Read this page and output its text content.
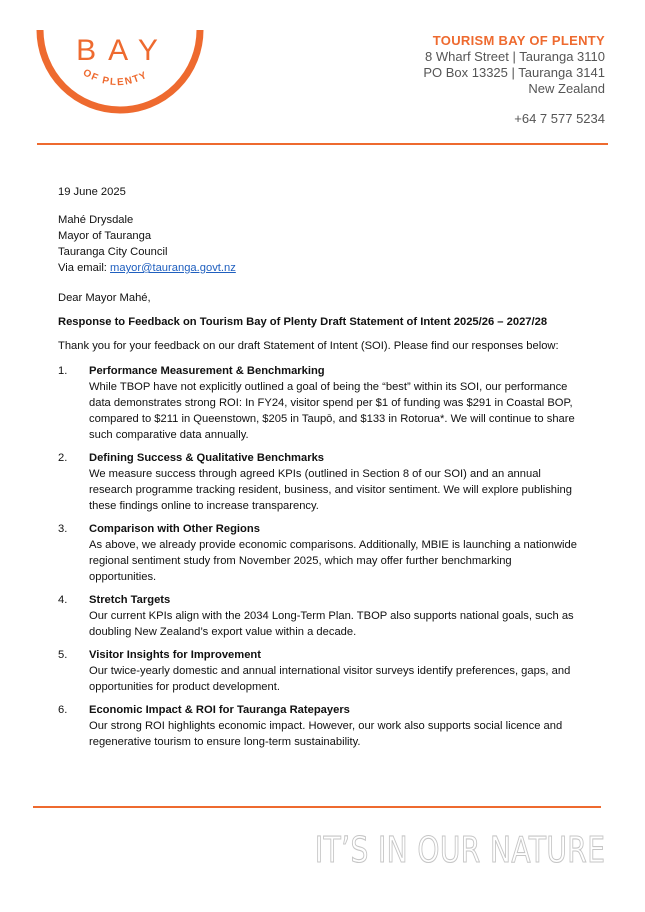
BAY
OF PLENTY
TOURISM BAY OF PLENTY
8 Wharf Street | Tauranga 3110
PO Box 13325 | Tauranga 3141
New Zealand
+64 7 577 5234

19 June 2025

Mahé Drysdale

Mayor of Tauranga

Tauranga City Council

Via email: mayor@tauranga.govt.nz

Dear Mayor Mahé,

Response to Feedback on Tourism Bay of Plenty Draft Statement of Intent 2025/26 – 2027/28

Thank you for your feedback on our draft Statement of Intent (SOI). Please find our responses below:

1. Performance Measurement & Benchmarking

While TBOP have not explicitly outlined a goal of being the “best” within its SOI, our performance data demonstrates strong ROI: In FY24, visitor spend per $1 of funding was $291 in Coastal BOP, compared to $211 in Queenstown, $205 in Taupō, and $133 in Rotorua*. We will continue to share such comparative data annually.

2. Defining Success & Qualitative Benchmarks

We measure success through agreed KPIs (outlined in Section 8 of our SOI) and an annual research programme tracking resident, business, and visitor sentiment. We will explore publishing these findings online to increase transparency.

3. Comparison with Other Regions

As above, we already provide economic comparisons. Additionally, MBIE is launching a nationwide regional sentiment study from November 2025, which may offer further benchmarking opportunities.

4. Stretch Targets

Our current KPIs align with the 2034 Long-Term Plan. TBOP also supports national goals, such as doubling New Zealand’s export value within a decade.

5. Visitor Insights for Improvement

Our twice-yearly domestic and annual international visitor surveys identify preferences, gaps, and opportunities for product development.

6. Economic Impact & ROI for Tauranga Ratepayers

Our strong ROI highlights economic impact. However, our work also supports social licence and regenerative tourism to ensure long-term sustainability.

IT’S IN OUR NATURE
